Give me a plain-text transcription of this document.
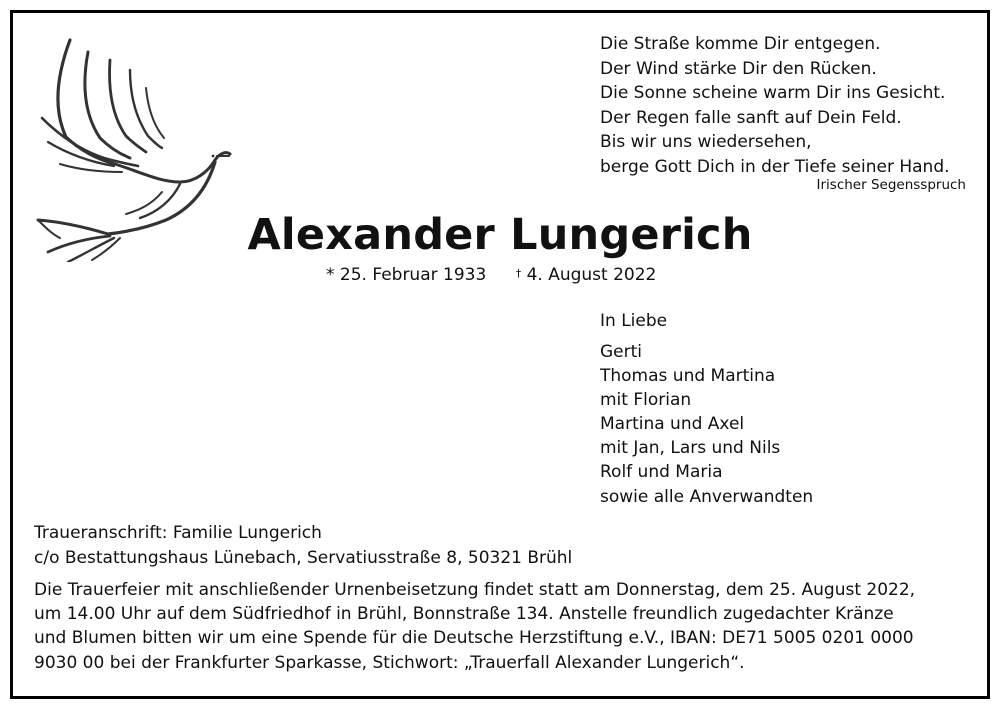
Die Straße komme Dir entgegen.
Der Wind stärke Dir den Rücken.
Die Sonne scheine warm Dir ins Gesicht.
Der Regen falle sanft auf Dein Feld.
Bis wir uns wiedersehen,
berge Gott Dich in der Tiefe seiner Hand.
Irischer Segensspruch
Alexander Lungerich
* 25. Februar 1933	† 4. August 2022
In Liebe
Gerti
Thomas und Martina
mit Florian
Martina und Axel
mit Jan, Lars und Nils
Rolf und Maria
sowie alle Anverwandten
Traueranschrift: Familie Lungerich
c/o Bestattungshaus Lünebach, Servatiusstraße 8, 50321 Brühl
Die Trauerfeier mit anschließender Urnenbeisetzung findet statt am Donnerstag, dem 25. August 2022,
um 14.00 Uhr auf dem Südfriedhof in Brühl, Bonnstraße 134. Anstelle freundlich zugedachter Kränze
und Blumen bitten wir um eine Spende für die Deutsche Herzstiftung e.V., IBAN: DE71 5005 0201 0000
9030 00 bei der Frankfurter Sparkasse, Stichwort: „Trauerfall Alexander Lungerich“.
